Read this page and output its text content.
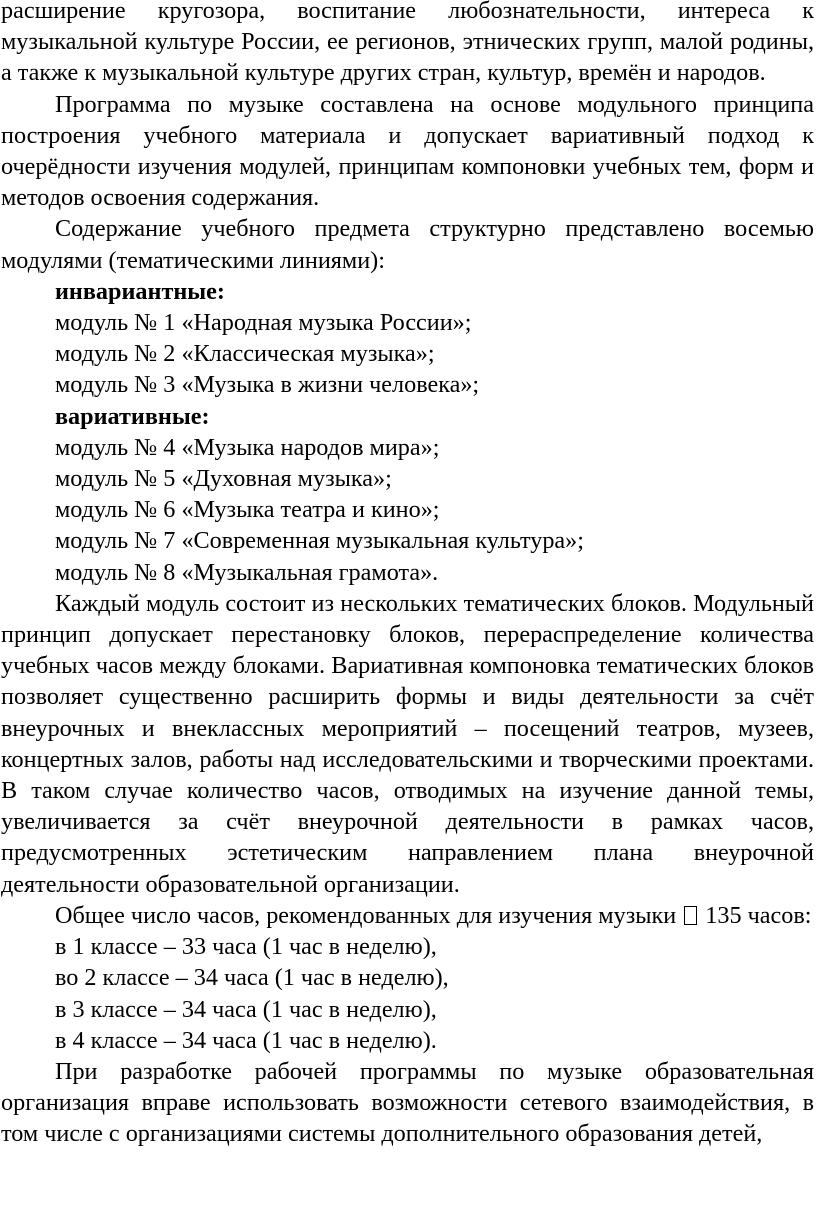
расширение кругозора, воспитание любознательности, интереса к музыкальной культуре России, ее регионов, этнических групп, малой родины, а также к музыкальной культуре других стран, культур, времён и народов.

Программа по музыке составлена на основе модульного принципа построения учебного материала и допускает вариативный подход к очерёдности изучения модулей, принципам компоновки учебных тем, форм и методов освоения содержания.

Содержание учебного предмета структурно представлено восемью модулями (тематическими линиями):

инвариантные:

модуль № 1 «Народная музыка России»;

модуль № 2 «Классическая музыка»;

модуль № 3 «Музыка в жизни человека»;

вариативные:

модуль № 4 «Музыка народов мира»;

модуль № 5 «Духовная музыка»;

модуль № 6 «Музыка театра и кино»;

модуль № 7 «Современная музыкальная культура»;

модуль № 8 «Музыкальная грамота».

Каждый модуль состоит из нескольких тематических блоков. Модульный принцип допускает перестановку блоков, перераспределение количества учебных часов между блоками. Вариативная компоновка тематических блоков позволяет существенно расширить формы и виды деятельности за счёт внеурочных и внеклассных мероприятий – посещений театров, музеев, концертных залов, работы над исследовательскими и творческими проектами. В таком случае количество часов, отводимых на изучение данной темы, увеличивается за счёт внеурочной деятельности в рамках часов, предусмотренных эстетическим направлением плана внеурочной деятельности образовательной организации.

Общее число часов, рекомендованных для изучения музыки 135 часов:

в 1 классе – 33 часа (1 час в неделю),

во 2 классе – 34 часа (1 час в неделю),

в 3 классе – 34 часа (1 час в неделю),

в 4 классе – 34 часа (1 час в неделю).

При разработке рабочей программы по музыке образовательная организация вправе использовать возможности сетевого взаимодействия, в том числе с организациями системы дополнительного образования детей,
